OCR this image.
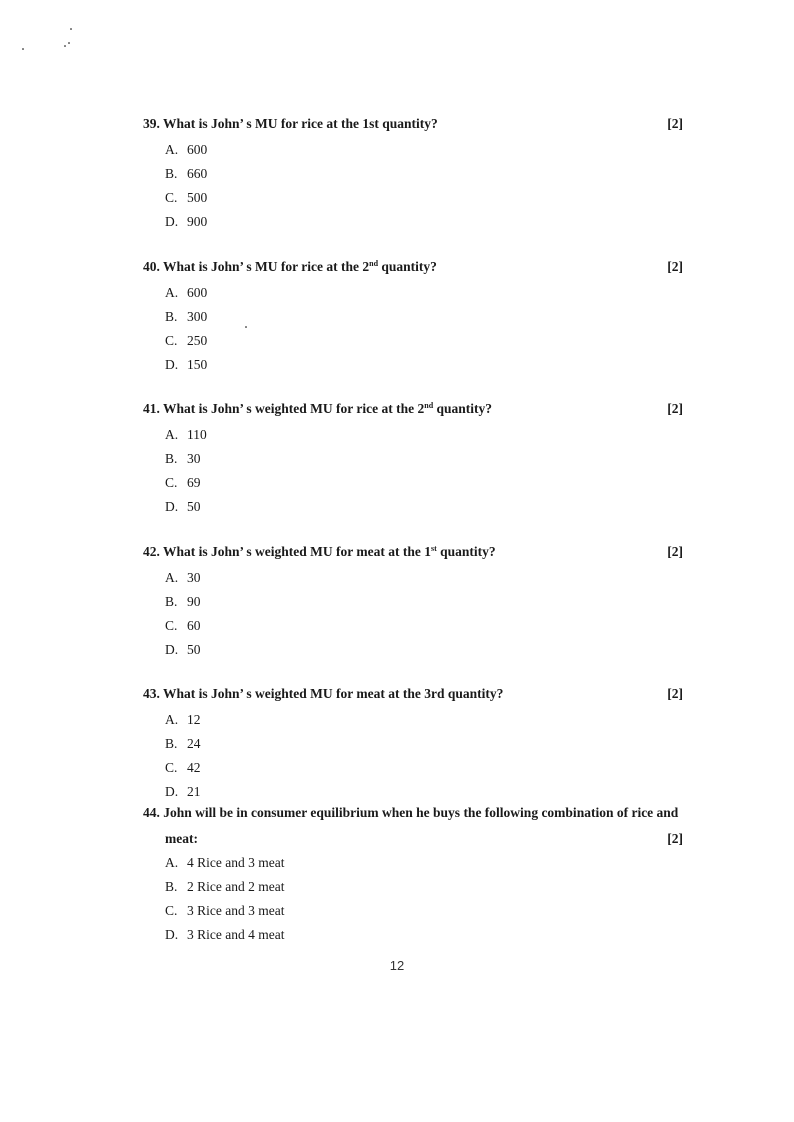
39. What is John’ s MU for rice at the 1st quantity?	[2]
A. 600
B. 660
C. 500
D. 900
40. What is John’ s MU for rice at the 2nd quantity?	[2]
A. 600
B. 300
C. 250
D. 150
41. What is John’ s weighted MU for rice at the 2nd quantity?	[2]
A. 110
B. 30
C. 69
D. 50
42. What is John’ s weighted MU for meat at the 1st quantity?	[2]
A. 30
B. 90
C. 60
D. 50
43. What is John’ s weighted MU for meat at the 3rd quantity?	[2]
A. 12
B. 24
C. 42
D. 21
44. John will be in consumer equilibrium when he buys the following combination of rice and
meat:	[2]
A. 4 Rice and 3 meat
B. 2 Rice and 2 meat
C. 3 Rice and 3 meat
D. 3 Rice and 4 meat
12
